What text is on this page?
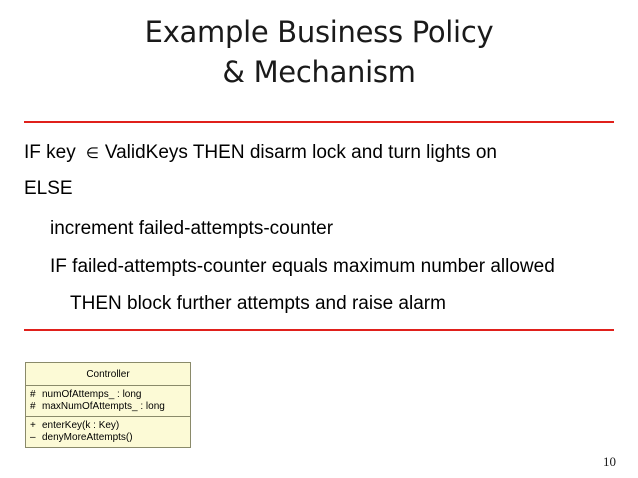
Example Business Policy
& Mechanism
IF key ∈ ValidKeys THEN disarm lock and turn lights on
ELSE
increment failed-attempts-counter
IF failed-attempts-counter equals maximum number allowed
THEN block further attempts and raise alarm
Controller
# numOfAttemps_ : long
# maxNumOfAttempts_ : long
+ enterKey(k : Key)
– denyMoreAttempts()
10
